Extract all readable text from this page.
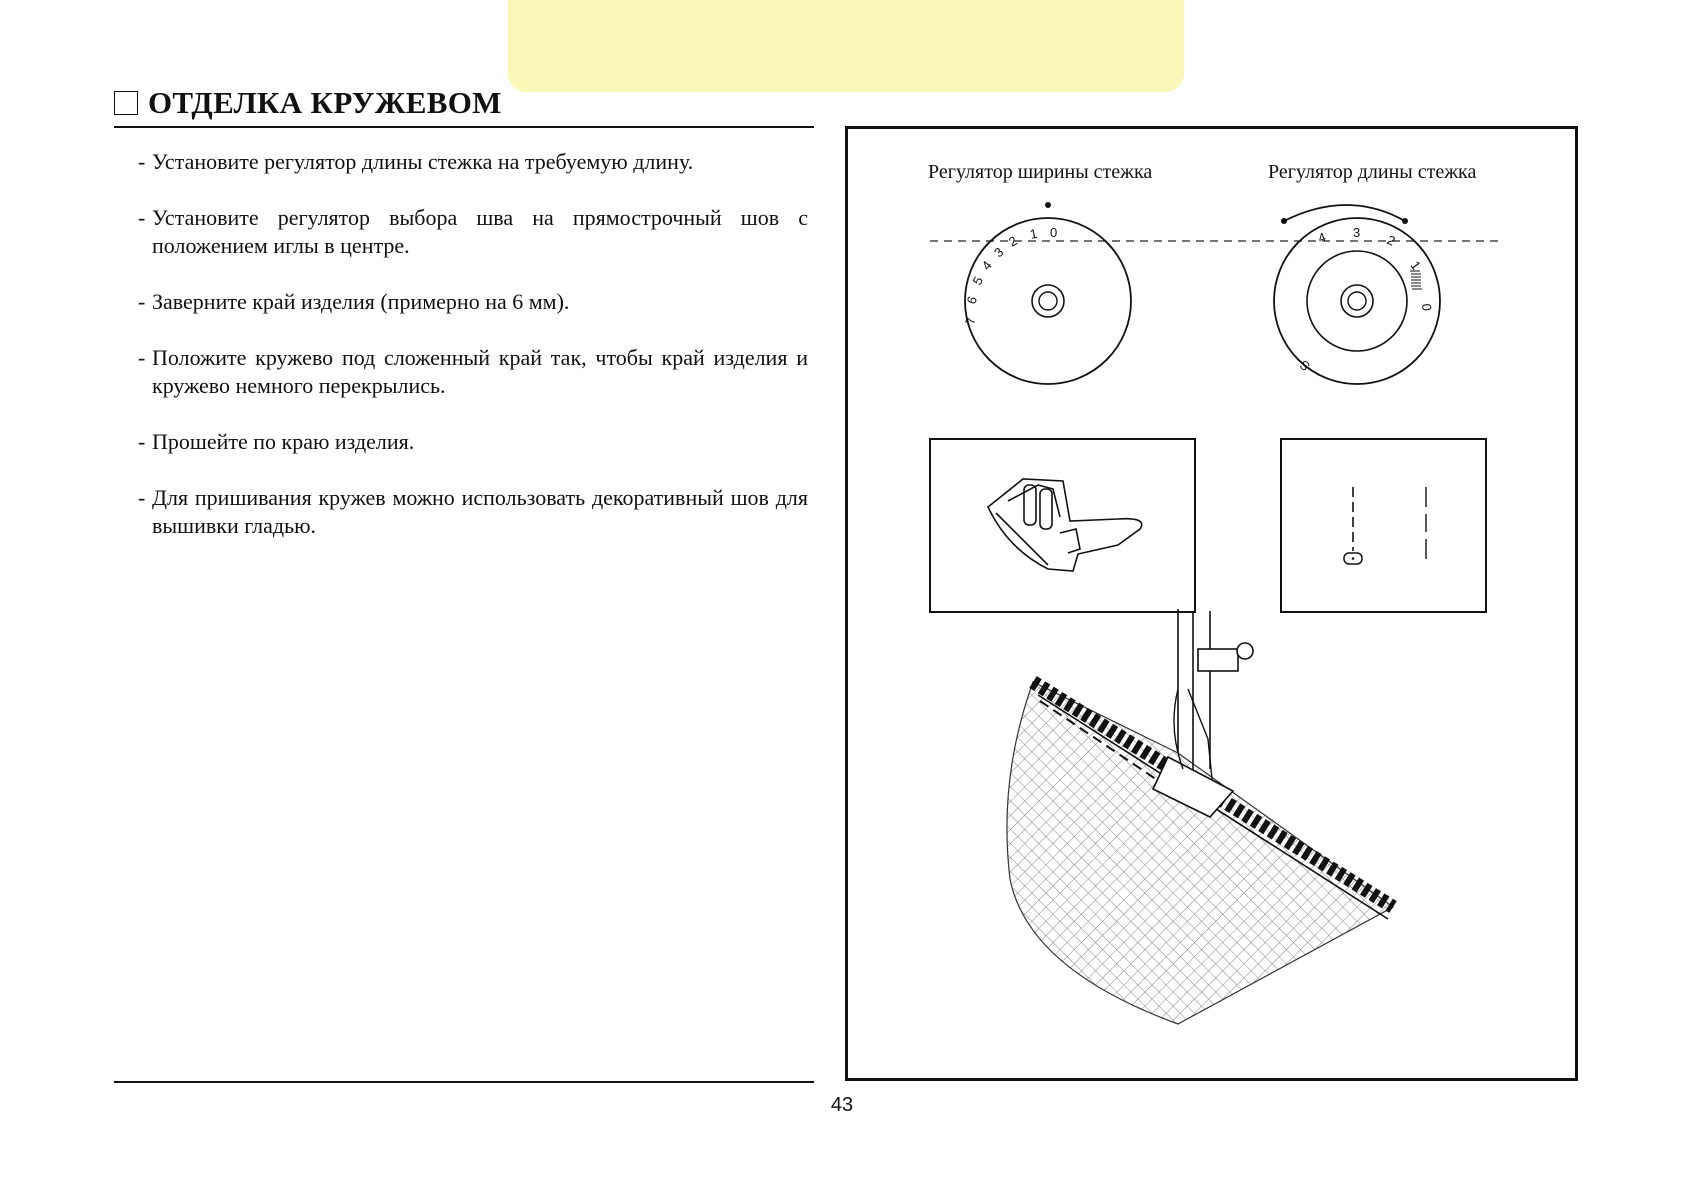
ОТДЕЛКА КРУЖЕВОМ
- Установите регулятор длины стежка на требуемую длину.
- Установите регулятор выбора шва на прямострочный шов с положением иглы в центре.
- Заверните край изделия (примерно на 6 мм).
- Положите кружево под сложенный край так, чтобы край изделия и кружево немного перекрылись.
- Прошейте по краю изделия.
- Для пришивания кружев можно использовать декоративный шов для вышивки гладью.
Регулятор ширины стежка	Регулятор длины стежка
7
6
5
4
3
2 1 0	4 3 2
1
0
S
43
